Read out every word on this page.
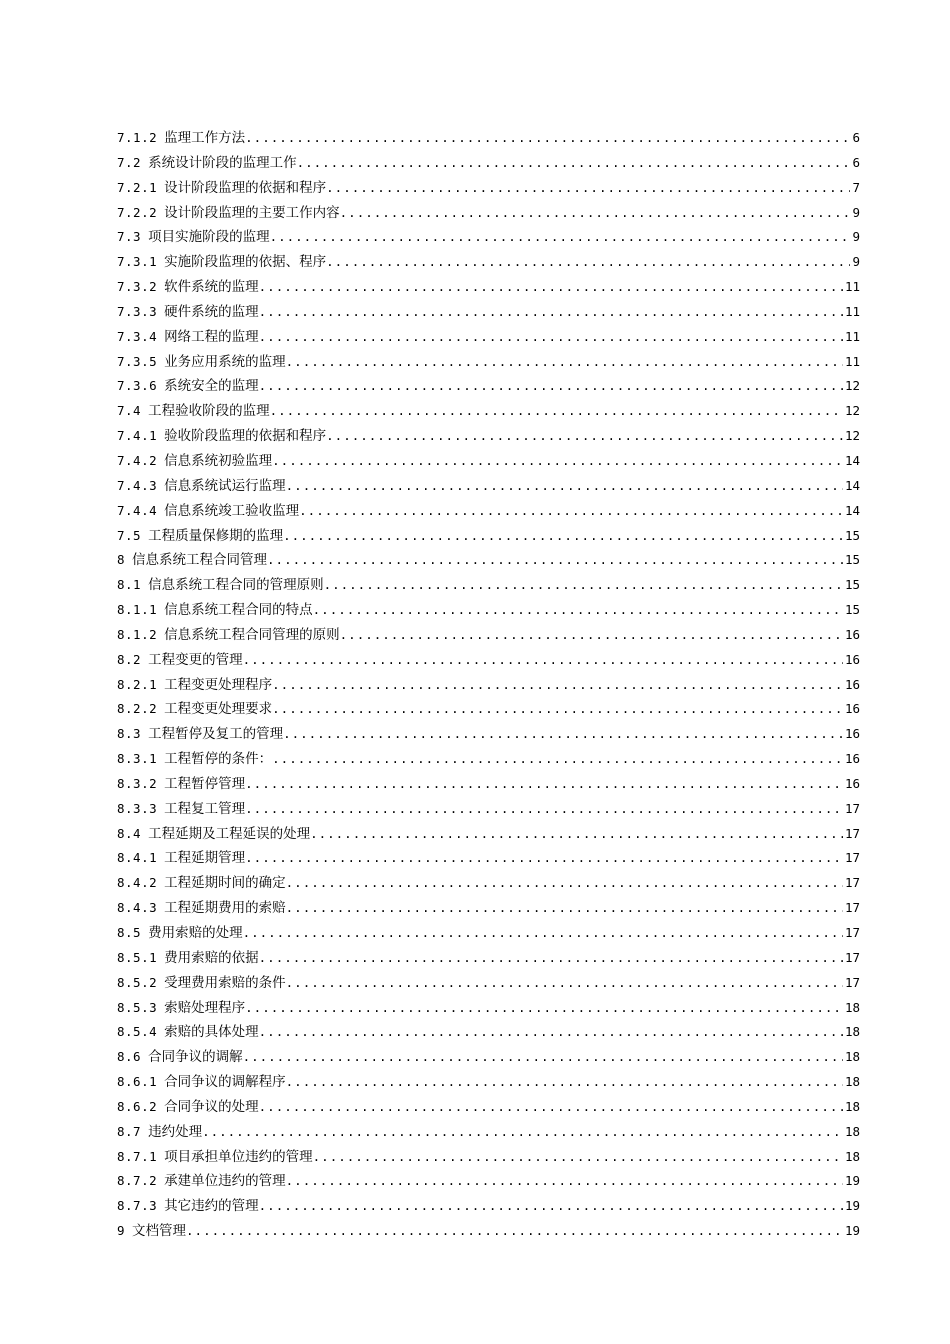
7.1.2 监理工作方法 .....	6
7.2 系统设计阶段的监理工作 .....	6
7.2.1 设计阶段监理的依据和程序 .....	7
7.2.2 设计阶段监理的主要工作内容 .....	9
7.3 项目实施阶段的监理 .....	9
7.3.1 实施阶段监理的依据、程序 .....	9
7.3.2 软件系统的监理 .....	11
7.3.3 硬件系统的监理 .....	11
7.3.4 网络工程的监理 .....	11
7.3.5 业务应用系统的监理 .....	11
7.3.6 系统安全的监理 .....	12
7.4 工程验收阶段的监理 .....	12
7.4.1 验收阶段监理的依据和程序 .....	12
7.4.2 信息系统初验监理 .....	14
7.4.3 信息系统试运行监理 .....	14
7.4.4 信息系统竣工验收监理 .....	14
7.5 工程质量保修期的监理 .....	15
8 信息系统工程合同管理 .....	15
8.1 信息系统工程合同的管理原则 .....	15
8.1.1 信息系统工程合同的特点 .....	15
8.1.2 信息系统工程合同管理的原则 .....	16
8.2 工程变更的管理 .....	16
8.2.1 工程变更处理程序 .....	16
8.2.2 工程变更处理要求 .....	16
8.3 工程暂停及复工的管理 .....	16
8.3.1 工程暂停的条件： .....	16
8.3.2 工程暂停管理 .....	16
8.3.3 工程复工管理 .....	17
8.4 工程延期及工程延误的处理 .....	17
8.4.1 工程延期管理 .....	17
8.4.2 工程延期时间的确定 .....	17
8.4.3 工程延期费用的索赔 .....	17
8.5 费用索赔的处理 .....	17
8.5.1 费用索赔的依据 .....	17
8.5.2 受理费用索赔的条件 .....	17
8.5.3 索赔处理程序 .....	18
8.5.4 索赔的具体处理 .....	18
8.6 合同争议的调解 .....	18
8.6.1 合同争议的调解程序 .....	18
8.6.2 合同争议的处理 .....	18
8.7 违约处理 .....	18
8.7.1 项目承担单位违约的管理 .....	18
8.7.2 承建单位违约的管理 .....	19
8.7.3 其它违约的管理 .....	19
9 文档管理 .....	19
